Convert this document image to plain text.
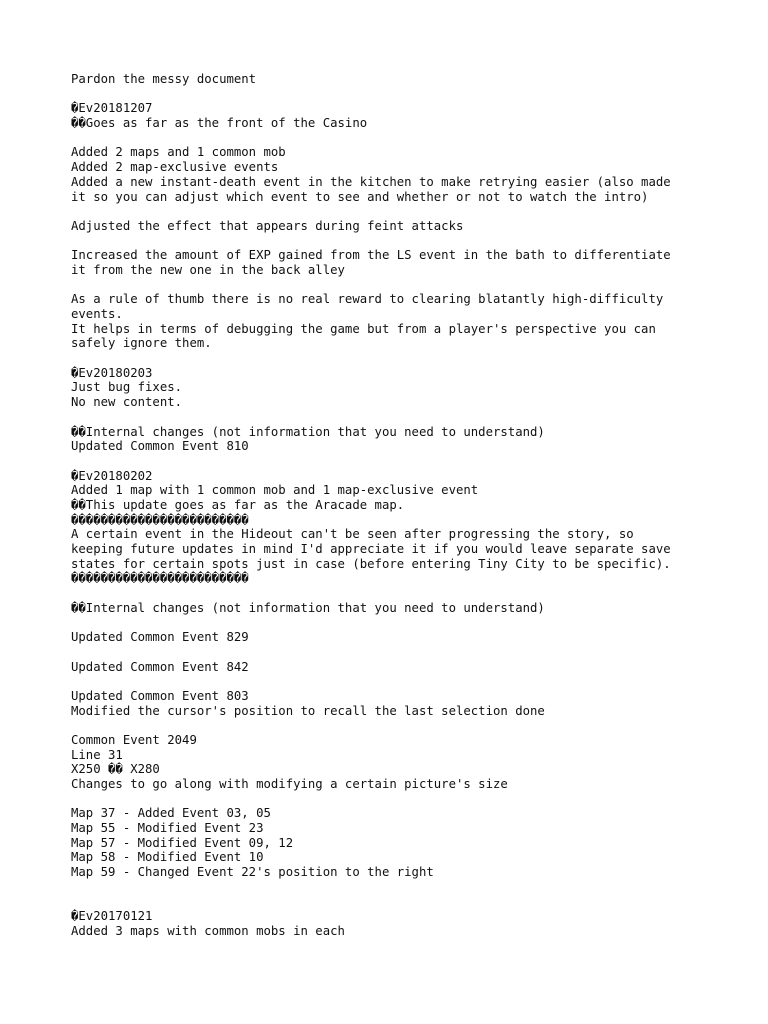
Pardon the messy document
�Ev20181207
��Goes as far as the front of the Casino
Added 2 maps and 1 common mob
Added 2 map-exclusive events
Added a new instant-death event in the kitchen to make retrying easier (also made
it so you can adjust which event to see and whether or not to watch the intro)
Adjusted the effect that appears during feint attacks
Increased the amount of EXP gained from the LS event in the bath to differentiate
it from the new one in the back alley
As a rule of thumb there is no real reward to clearing blatantly high-difficulty
events.
It helps in terms of debugging the game but from a player's perspective you can
safely ignore them.
�Ev20180203
Just bug fixes.
No new content.
��Internal changes (not information that you need to understand)
Updated Common Event 810
�Ev20180202
Added 1 map with 1 common mob and 1 map-exclusive event
��This update goes as far as the Aracade map.
������������������������
A certain event in the Hideout can't be seen after progressing the story, so
keeping future updates in mind I'd appreciate it if you would leave separate save
states for certain spots just in case (before entering Tiny City to be specific).
������������������������
��Internal changes (not information that you need to understand)
Updated Common Event 829
Updated Common Event 842
Updated Common Event 803
Modified the cursor's position to recall the last selection done
Common Event 2049
Line 31
X250 �� X280
Changes to go along with modifying a certain picture's size
Map 37 - Added Event 03, 05
Map 55 - Modified Event 23
Map 57 - Modified Event 09, 12
Map 58 - Modified Event 10
Map 59 - Changed Event 22's position to the right
�Ev20170121
Added 3 maps with common mobs in each
